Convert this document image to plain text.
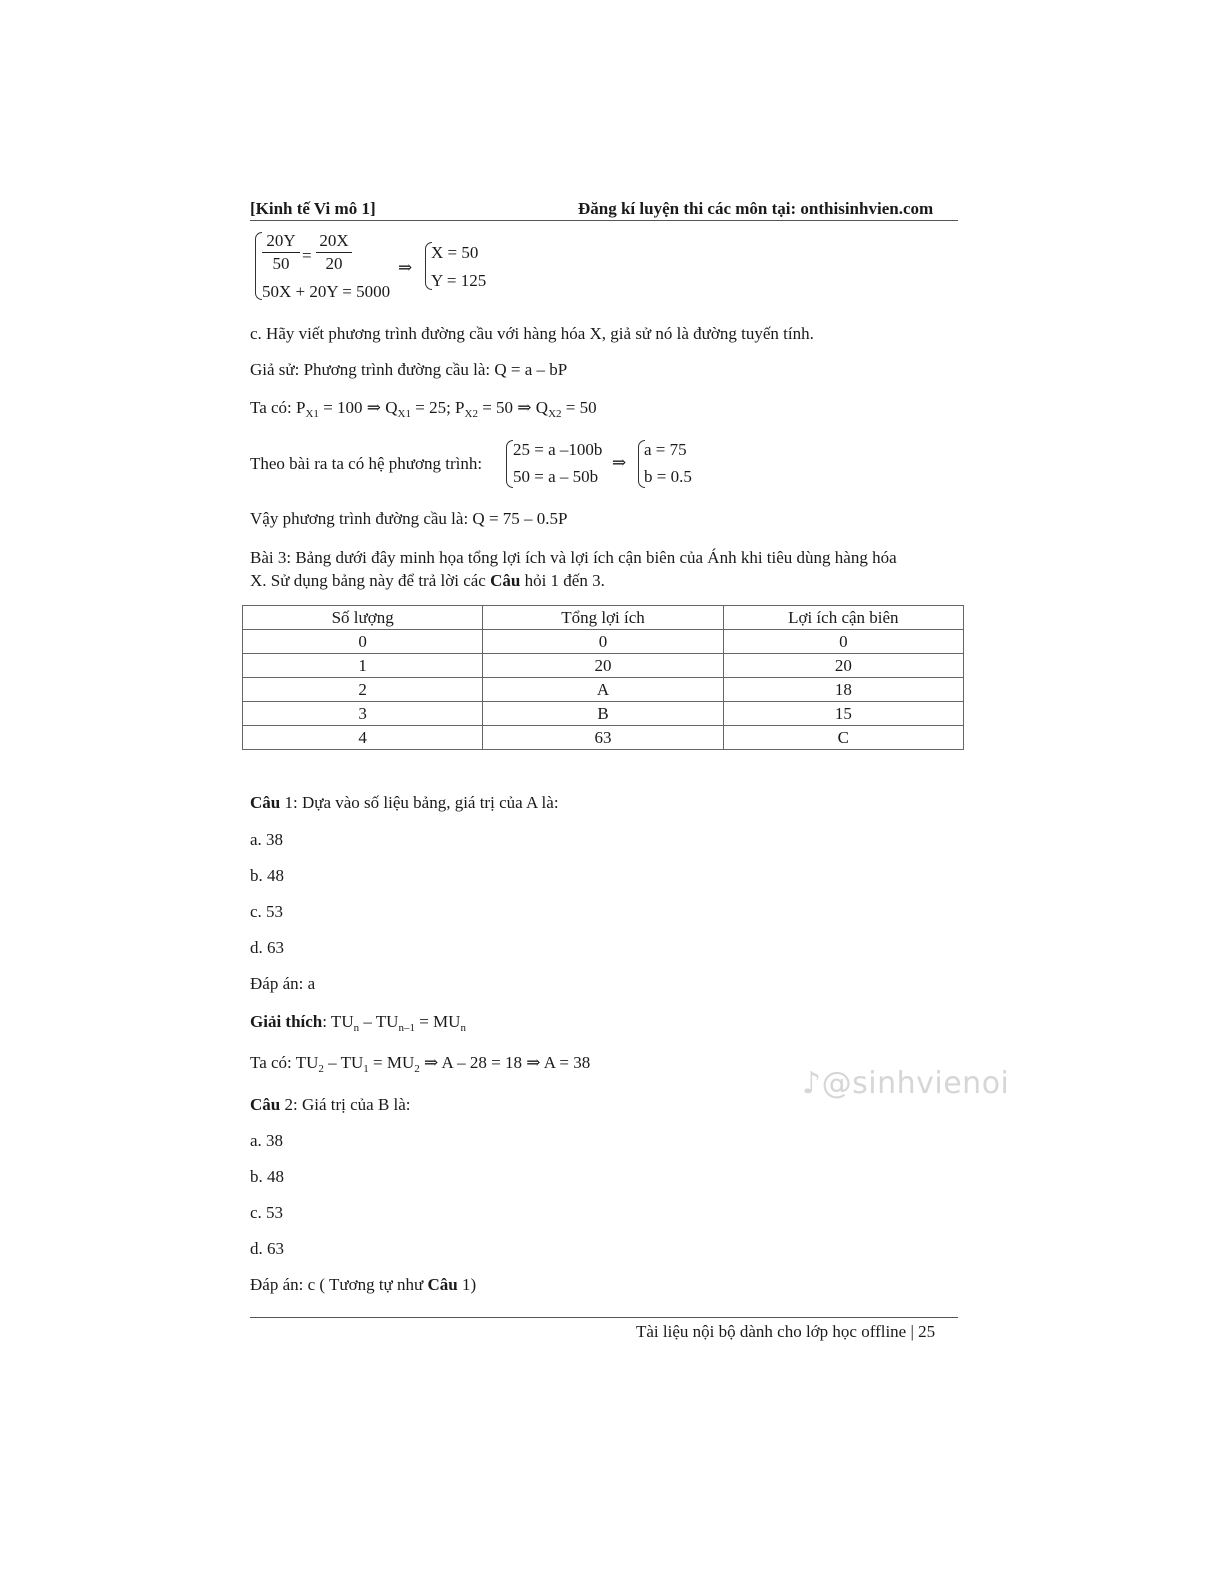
[Kinh tế Vi mô 1]	Đăng kí luyện thi các môn tại: onthisinhvien.com
$\frac{20Y}{50} = \frac{20X}{20}$
50X + 20Y = 5000
⇒
X = 50
Y = 125
c. Hãy viết phương trình đường cầu với hàng hóa X, giả sử nó là đường tuyến tính.
Giả sử: Phương trình đường cầu là: Q = a – bP
Ta có: $P_{X1} = 100$ ⇒ $Q_{X1} = 25$; $P_{X2} = 50$ ⇒ $Q_{X2} = 50$
Theo bài ra ta có hệ phương trình:
25 = a –100b
50 = a – 50b
⇒
a = 75
b = 0.5
Vậy phương trình đường cầu là: Q = 75 – 0.5P
Bài 3: Bảng dưới đây minh họa tổng lợi ích và lợi ích cận biên của Ánh khi tiêu dùng hàng hóa
X. Sử dụng bảng này để trả lời các Câu hỏi 1 đến 3.
Số lượng	Tổng lợi ích	Lợi ích cận biên
0	0	0
1	20	20
2	A	18
3	B	15
4	63	C
Câu 1: Dựa vào số liệu bảng, giá trị của A là:
a. 38
b. 48
c. 53
d. 63
Đáp án: a
Giải thích: $TU_n - TU_{n-1} = MU_n$
Ta có: $TU_2 - TU_1 = MU_2$ ⇒ A – 28 = 18 ⇒ A = 38
♪@sinhvienoi
Câu 2: Giá trị của B là:
a. 38
b. 48
c. 53
d. 63
Đáp án: c ( Tương tự như Câu 1)
Tài liệu nội bộ dành cho lớp học offline | 25
